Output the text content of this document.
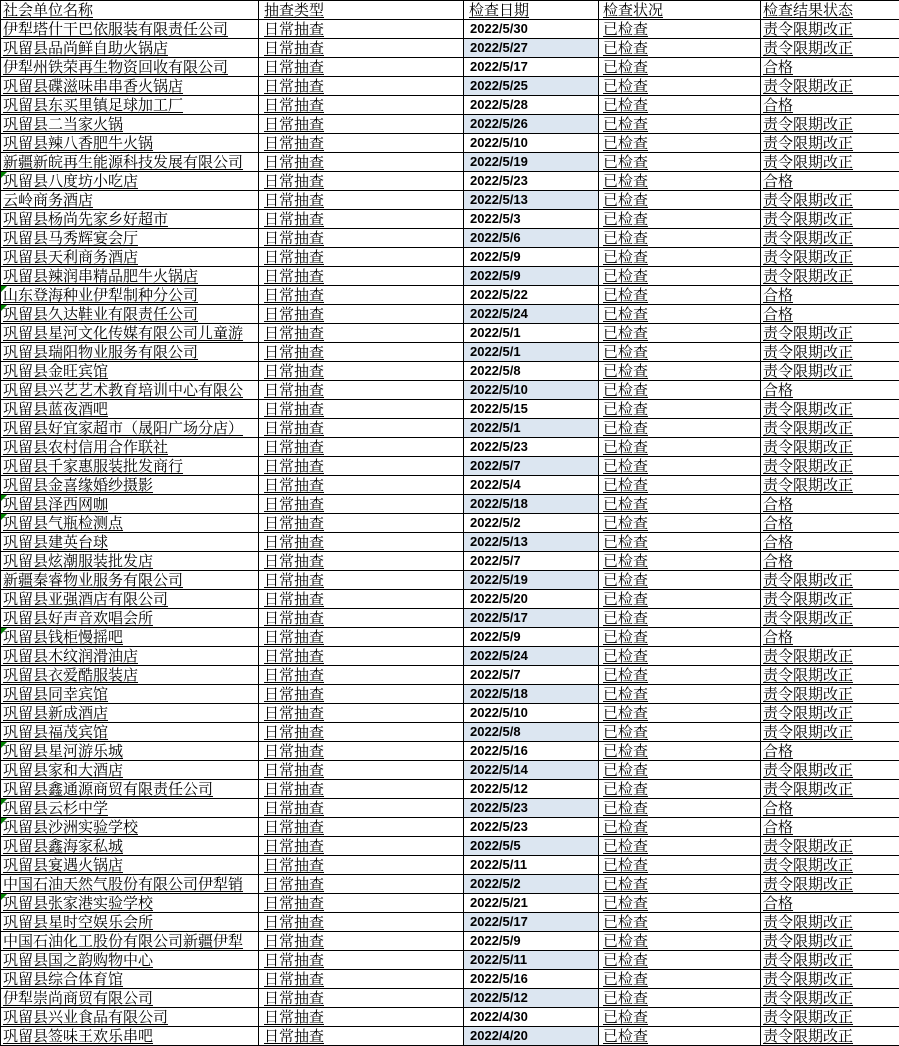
社会单位名称	抽查类型	检查日期	检查状况	检查结果状态
伊犁塔什干巴依服装有限责任公司	日常抽查	2022/5/30	已检查	责令限期改正
巩留县品尚鲜自助火锅店	日常抽查	2022/5/27	已检查	责令限期改正
伊犁州铁荣再生物资回收有限公司	日常抽查	2022/5/17	已检查	合格
巩留县碟滋味串串香火锅店	日常抽查	2022/5/25	已检查	责令限期改正
巩留县东买里镇足球加工厂	日常抽查	2022/5/28	已检查	合格
巩留县二当家火锅	日常抽查	2022/5/26	已检查	责令限期改正
巩留县辣八香肥牛火锅	日常抽查	2022/5/10	已检查	责令限期改正
新疆新皖再生能源科技发展有限公司	日常抽查	2022/5/19	已检查	责令限期改正

巩留县八度坊小吃店	日常抽查	2022/5/23	已检查	合格
云岭商务酒店	日常抽查	2022/5/13	已检查	责令限期改正
巩留县杨尚先家乡好超市	日常抽查	2022/5/3	已检查	责令限期改正
巩留县马秀辉宴会厅	日常抽查	2022/5/6	已检查	责令限期改正
巩留县天利商务酒店	日常抽查	2022/5/9	已检查	责令限期改正
巩留县辣润串精品肥牛火锅店	日常抽查	2022/5/9	已检查	责令限期改正

山东登海种业伊犁制种分公司	日常抽查	2022/5/22	已检查	合格

巩留县久达鞋业有限责任公司	日常抽查	2022/5/24	已检查	合格
巩留县星河文化传媒有限公司儿童游	日常抽查	2022/5/1	已检查	责令限期改正
巩留县瑞阳物业服务有限公司	日常抽查	2022/5/1	已检查	责令限期改正
巩留县金旺宾馆	日常抽查	2022/5/8	已检查	责令限期改正
巩留县兴艺艺术教育培训中心有限公	日常抽查	2022/5/10	已检查	合格
巩留县蓝夜酒吧	日常抽查	2022/5/15	已检查	责令限期改正
巩留县好宜家超市（晟阳广场分店）	日常抽查	2022/5/1	已检查	责令限期改正
巩留县农村信用合作联社	日常抽查	2022/5/23	已检查	责令限期改正
巩留县千家惠服装批发商行	日常抽查	2022/5/7	已检查	责令限期改正
巩留县金喜缘婚纱摄影	日常抽查	2022/5/4	已检查	责令限期改正

巩留县泽西网咖	日常抽查	2022/5/18	已检查	合格

巩留县气瓶检测点	日常抽查	2022/5/2	已检查	合格
巩留县建英台球	日常抽查	2022/5/13	已检查	合格
巩留县炫潮服装批发店	日常抽查	2022/5/7	已检查	合格
新疆秦睿物业服务有限公司	日常抽查	2022/5/19	已检查	责令限期改正
巩留县亚强酒店有限公司	日常抽查	2022/5/20	已检查	责令限期改正
巩留县好声音欢唱会所	日常抽查	2022/5/17	已检查	责令限期改正

巩留县钱柜慢摇吧	日常抽查	2022/5/9	已检查	合格
巩留县木纹润滑油店	日常抽查	2022/5/24	已检查	责令限期改正
巩留县衣爱酷服装店	日常抽查	2022/5/7	已检查	责令限期改正
巩留县同幸宾馆	日常抽查	2022/5/18	已检查	责令限期改正
巩留县新成酒店	日常抽查	2022/5/10	已检查	责令限期改正
巩留县福茂宾馆	日常抽查	2022/5/8	已检查	责令限期改正

巩留县星河游乐城	日常抽查	2022/5/16	已检查	合格
巩留县家和大酒店	日常抽查	2022/5/14	已检查	责令限期改正
巩留县鑫通源商贸有限责任公司	日常抽查	2022/5/12	已检查	责令限期改正

巩留县云杉中学	日常抽查	2022/5/23	已检查	合格

巩留县沙洲实验学校	日常抽查	2022/5/23	已检查	合格
巩留县鑫海家私城	日常抽查	2022/5/5	已检查	责令限期改正
巩留县宴遇火锅店	日常抽查	2022/5/11	已检查	责令限期改正
中国石油天然气股份有限公司伊犁销	日常抽查	2022/5/2	已检查	责令限期改正

巩留县张家港实验学校	日常抽查	2022/5/21	已检查	合格
巩留县星时空娱乐会所	日常抽查	2022/5/17	已检查	责令限期改正
中国石油化工股份有限公司新疆伊犁	日常抽查	2022/5/9	已检查	责令限期改正
巩留县国之韵购物中心	日常抽查	2022/5/11	已检查	责令限期改正
巩留县综合体育馆	日常抽查	2022/5/16	已检查	责令限期改正
伊犁崇尚商贸有限公司	日常抽查	2022/5/12	已检查	责令限期改正
巩留县兴业食品有限公司	日常抽查	2022/4/30	已检查	责令限期改正
巩留县签味王欢乐串吧	日常抽查	2022/4/20	已检查	责令限期改正
